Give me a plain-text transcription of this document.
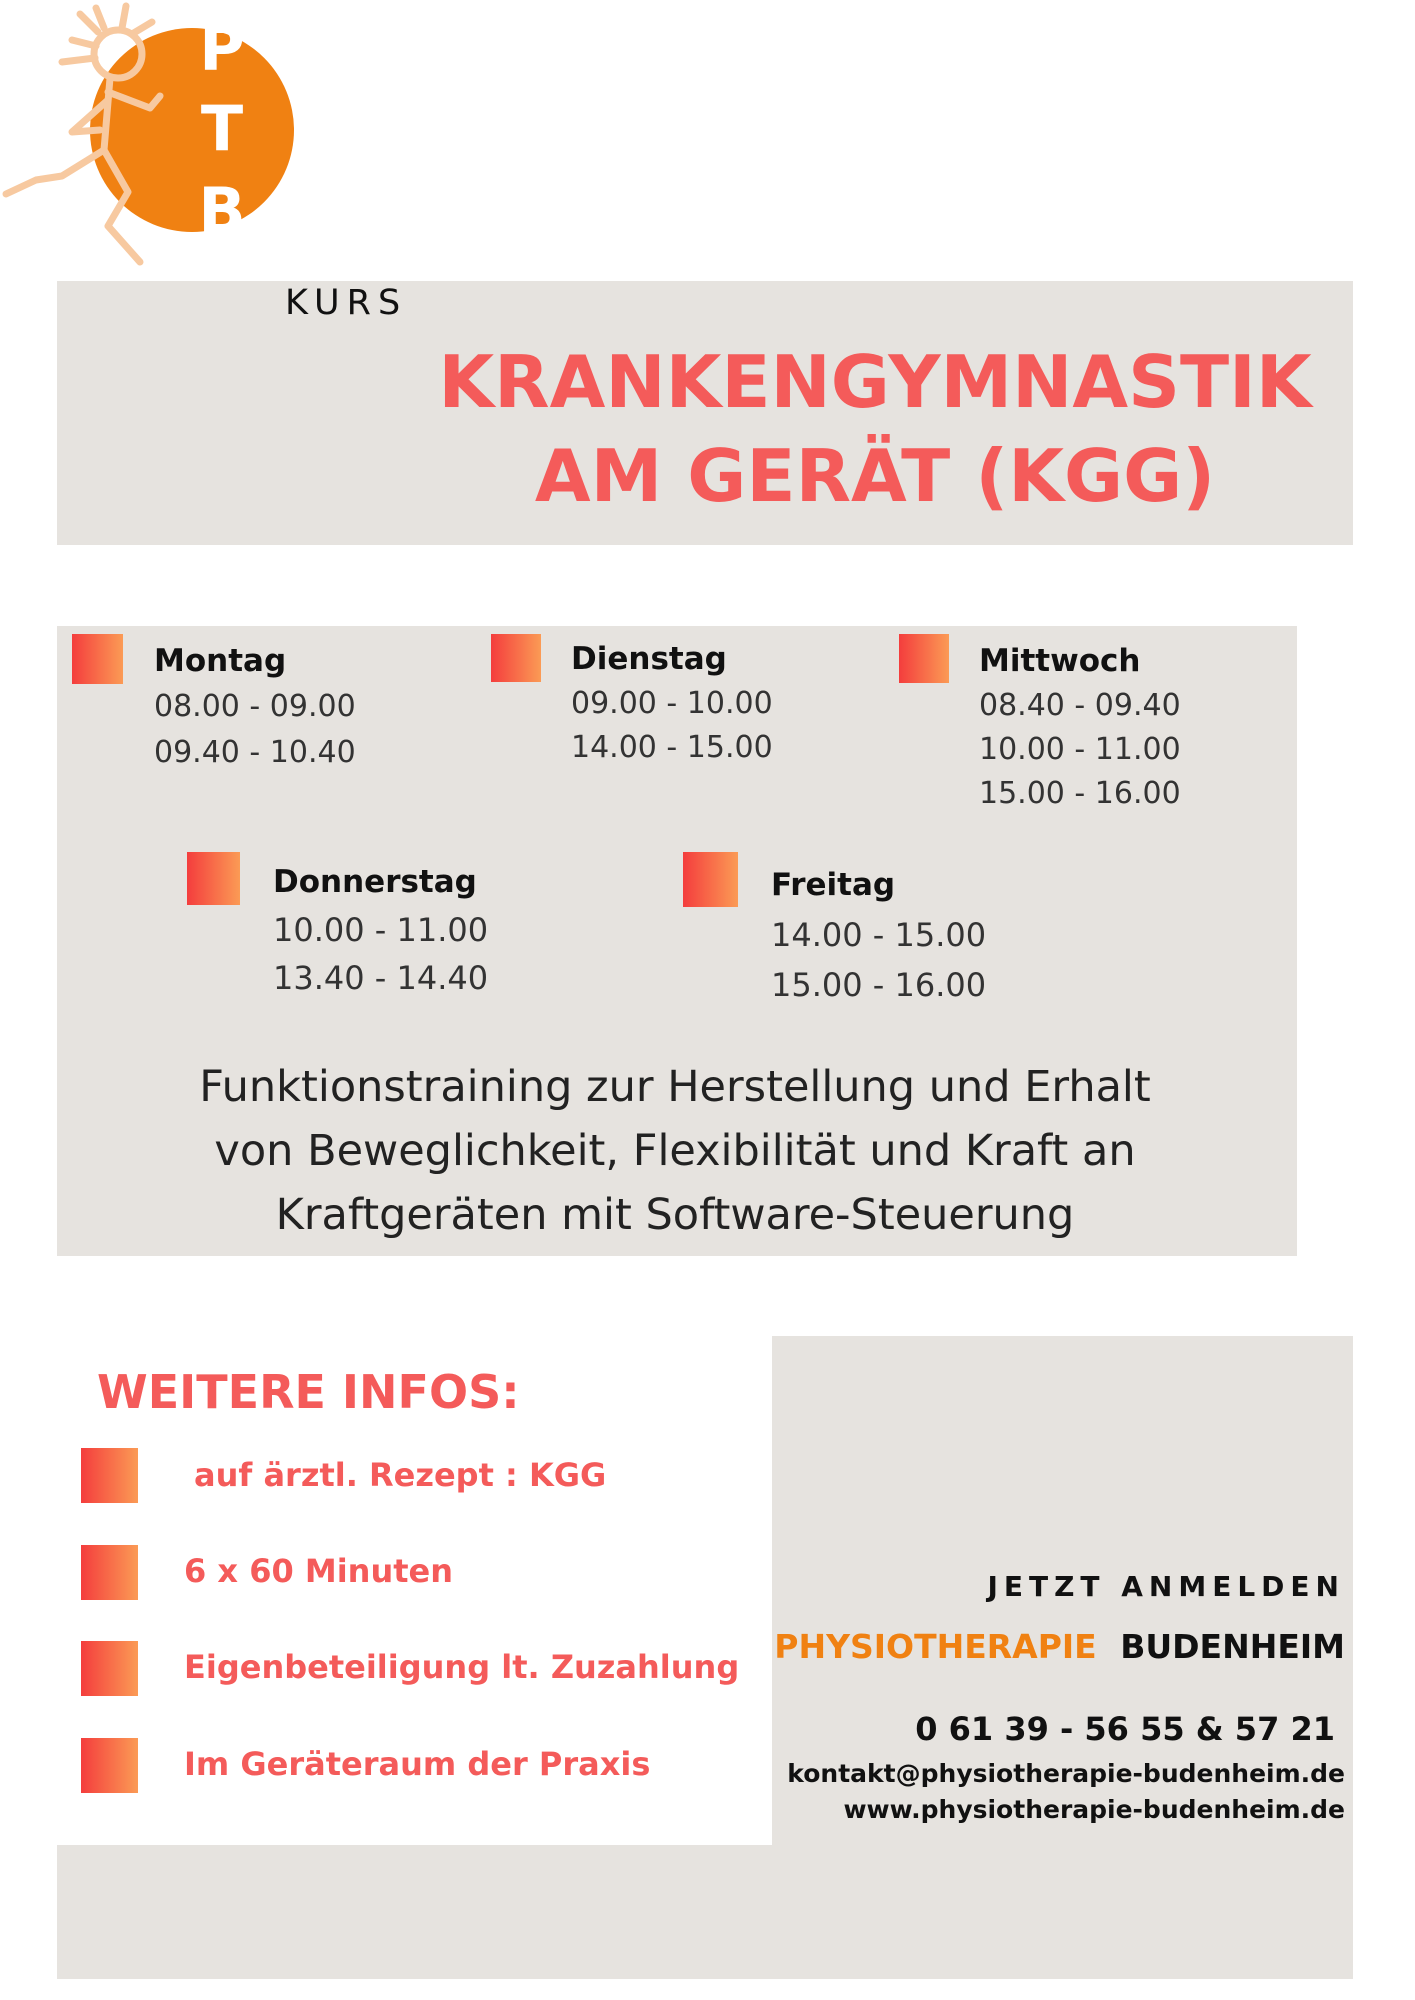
P
T
B
KURS
KRANKENGYMNASTIK
AM GERÄT (KGG)
Montag
08.00 - 09.00
09.40 - 10.40
Dienstag
09.00 - 10.00
14.00 - 15.00
Mittwoch
08.40 - 09.40
10.00 - 11.00
15.00 - 16.00
Donnerstag
10.00 - 11.00
13.40 - 14.40
Freitag
14.00 - 15.00
15.00 - 16.00
Funktionstraining zur Herstellung und Erhalt
von Beweglichkeit, Flexibilität und Kraft an
Kraftgeräten mit Software-Steuerung
WEITERE INFOS:
auf ärztl. Rezept : KGG
6 x 60 Minuten
Eigenbeteiligung lt. Zuzahlung
Im Geräteraum der Praxis
JETZT ANMELDEN
PHYSIOTHERAPIE BUDENHEIM
0 61 39 - 56 55 & 57 21
kontakt@physiotherapie-budenheim.de
www.physiotherapie-budenheim.de
